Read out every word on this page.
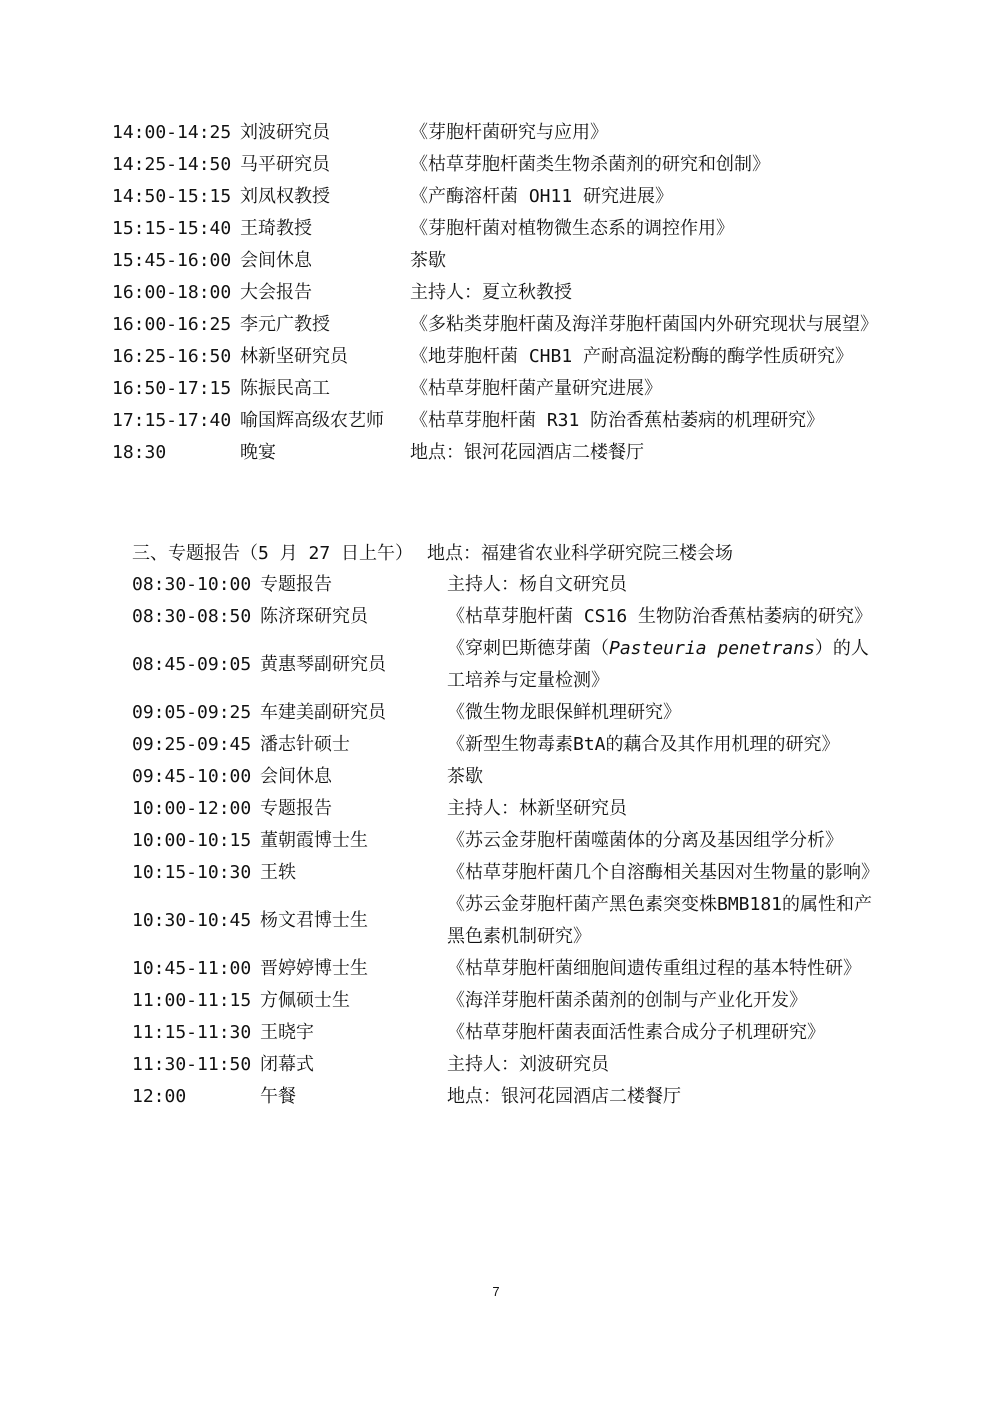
14:00-14:25	刘波研究员	《芽胞杆菌研究与应用》
14:25-14:50	马平研究员	《枯草芽胞杆菌类生物杀菌剂的研究和创制》
14:50-15:15	刘凤权教授	《产酶溶杆菌 OH11 研究进展》
15:15-15:40	王琦教授	《芽胞杆菌对植物微生态系的调控作用》
15:45-16:00	会间休息	茶歇
16:00-18:00	大会报告	主持人：夏立秋教授
16:00-16:25	李元广教授	《多粘类芽胞杆菌及海洋芽胞杆菌国内外研究现状与展望》
16:25-16:50	林新坚研究员	《地芽胞杆菌 CHB1 产耐高温淀粉酶的酶学性质研究》
16:50-17:15	陈振民高工	《枯草芽胞杆菌产量研究进展》
17:15-17:40	喻国辉高级农艺师	《枯草芽胞杆菌 R31 防治香蕉枯萎病的机理研究》
18:30	晚宴	地点：银河花园酒店二楼餐厅
三、专题报告（5 月 27 日上午） 地点：福建省农业科学研究院三楼会场
08:30-10:00	专题报告	主持人：杨自文研究员
08:30-08:50	陈济琛研究员	《枯草芽胞杆菌 CS16 生物防治香蕉枯萎病的研究》
08:45-09:05	黄惠琴副研究员	《穿刺巴斯德芽菌（Pasteuria penetrans）的人工培养与定量检测》
09:05-09:25	车建美副研究员	《微生物龙眼保鲜机理研究》
09:25-09:45	潘志针硕士	《新型生物毒素BtA的藕合及其作用机理的研究》
09:45-10:00	会间休息	茶歇
10:00-12:00	专题报告	主持人：林新坚研究员
10:00-10:15	董朝霞博士生	《苏云金芽胞杆菌噬菌体的分离及基因组学分析》
10:15-10:30	王轶	《枯草芽胞杆菌几个自溶酶相关基因对生物量的影响》
10:30-10:45	杨文君博士生	《苏云金芽胞杆菌产黑色素突变株BMB181的属性和产黑色素机制研究》
10:45-11:00	晋婷婷博士生	《枯草芽胞杆菌细胞间遗传重组过程的基本特性研》
11:00-11:15	方佩硕士生	《海洋芽胞杆菌杀菌剂的创制与产业化开发》
11:15-11:30	王晓宇	《枯草芽胞杆菌表面活性素合成分子机理研究》
11:30-11:50	闭幕式	主持人：刘波研究员
12:00	午餐	地点：银河花园酒店二楼餐厅
7
